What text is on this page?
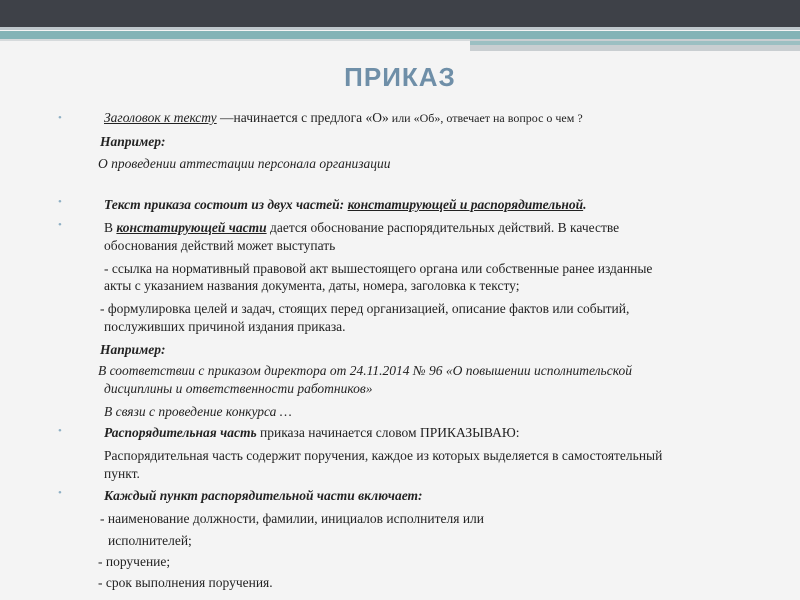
ПРИКАЗ
•
•
•
•
•
Заголовок к тексту —начинается с предлога «О» или «Об», отвечает на вопрос о чем ?
Например:
О проведении аттестации персонала организации
Текст приказа состоит из двух частей: констатирующей и распорядительной.
В констатирующей части дается обоснование распорядительных действий. В качестве
обоснования действий может выступать
- ссылка на нормативный правовой акт вышестоящего органа или собственные ранее изданные
акты с указанием названия документа, даты, номера, заголовка к тексту;
- формулировка целей и задач, стоящих перед организацией, описание фактов или событий,
послуживших причиной издания приказа.
Например:
В соответствии с приказом директора от 24.11.2014 № 96 «О повышении исполнительской
дисциплины и ответственности работников»
В связи с проведение конкурса …
Распорядительная часть приказа начинается словом ПРИКАЗЫВАЮ:
Распорядительная часть содержит поручения, каждое из которых выделяется в самостоятельный
пункт.
Каждый пункт распорядительной части включает:
- наименование должности, фамилии, инициалов исполнителя или
исполнителей;
- поручение;
- срок выполнения поручения.
